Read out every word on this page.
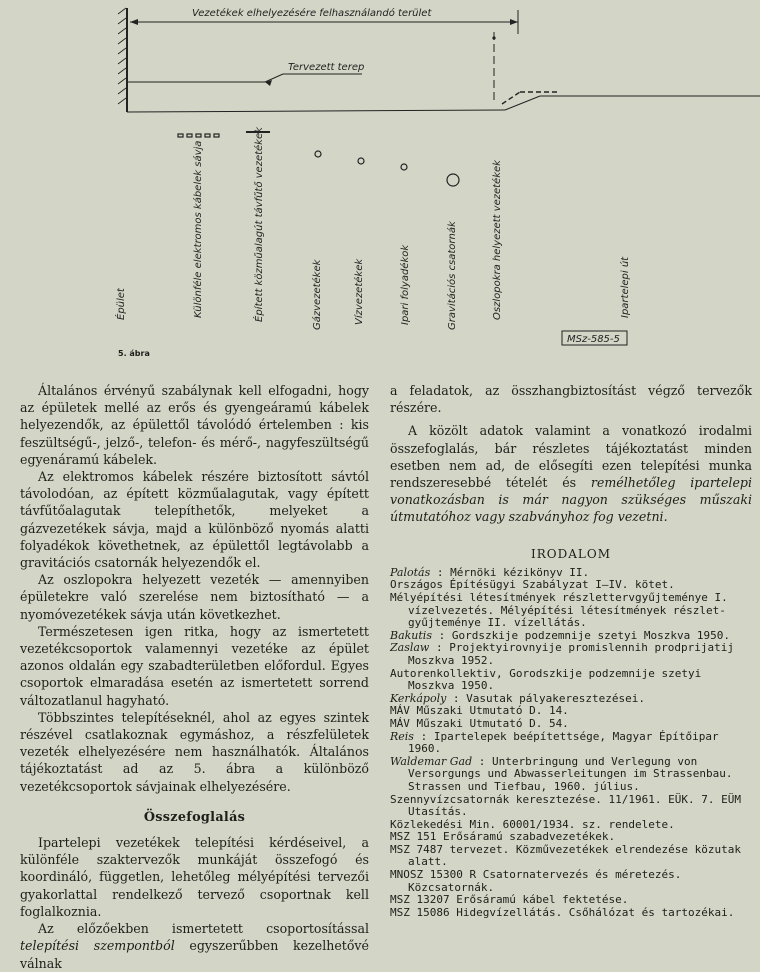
Vezetékek elhelyezésére felhasználandó terület
Tervezett terep
Épület	Különféle elektromos kábelek sávja	Épített közműalagút távfűtő vezetékek	Gázvezetékek	Vízvezetékek	Ipari folyadékok	Gravitációs csatornák	Oszlopokra helyezett vezetékek	Ipartelepi út
MSz-585-5
5. ábra

Általános érvényű szabálynak kell elfogadni, hogy az épületek mellé az erős és gyengeáramú kábelek helyezendők, az épülettől távolódó értelemben : kis feszültségű-, jelző-, telefon- és mérő-, nagyfeszültségű egyenáramú kábelek.

Az elektromos kábelek részére biztosított sávtól távolodóan, az épített közműalagutak, vagy épített távfűtőalagutak telepíthetők, melyeket a gázvezetékek sávja, majd a különböző nyomás alatti folyadékok követhetnek, az épülettől legtávolabb a gravitációs csatornák helyezendők el.

Az oszlopokra helyezett vezeték — amennyiben épületekre való szerelése nem biztosítható — a nyomóvezetékek sávja után következhet.

Természetesen igen ritka, hogy az ismertetett vezetékcsoportok valamennyi vezetéke az épület azonos oldalán egy szabadterületben előfordul. Egyes csoportok elmaradása esetén az ismertetett sorrend változatlanul hagyható.

Többszintes telepítéseknél, ahol az egyes szintek részével csatlakoznak egymáshoz, a részfelületek vezeték elhelyezésére nem használhatók. Általános tájékoztatást ad az 5. ábra a különböző vezetékcsoportok sávjainak elhelyezésére.

Összefoglalás

Ipartelepi vezetékek telepítési kérdéseivel, a különféle szaktervezők munkáját összefogó és koordináló, független, lehetőleg mélyépítési tervezői gyakorlattal rendelkező tervező csoportnak kell foglalkoznia.

Az előzőekben ismertetett csoportosítással telepítési szempontból egyszerűbben kezelhetővé válnak

a feladatok, az összhangbiztosítást végző tervezők részére.

A közölt adatok valamint a vonatkozó irodalmi összefoglalás, bár részletes tájékoztatást minden esetben nem ad, de elősegíti ezen telepítési munka rendszeresebbé tételét és remélhetőleg ipartelepi vonatkozásban is már nagyon szükséges műszaki útmutatóhoz vagy szabványhoz fog vezetni.

IRODALOM
Palotás : Mérnöki kézikönyv II.
Országos Építésügyi Szabályzat I—IV. kötet.
Mélyépítési létesítmények részlettervgyűjteménye I. vízelvezetés. Mélyépítési létesítmények részlet-gyűjteménye II. vízellátás.
Bakutis : Gordszkije podzemnije szetyi Moszkva 1950.
Zaslaw : Projektyirovnyije promislennih prodprijatij Moszkva 1952.
Autorenkollektiv, Gorodszkije podzemnije szetyi Moszkva 1950.
Kerkápoly : Vasutak pályakeresztezései.
MÁV Műszaki Utmutató D. 14.
MÁV Műszaki Utmutató D. 54.
Reis : Ipartelepek beépítettsége, Magyar Építőipar 1960.
Waldemar Gad : Unterbringung und Verlegung von Versorgungs und Abwasserleitungen im Strassenbau. Strassen und Tiefbau, 1960. július.
Szennyvízcsatornák keresztezése. 11/1961. EÜK. 7. EÜM Utasítás.
Közlekedési Min. 60001/1934. sz. rendelete.
MSZ 151 Erősáramú szabadvezetékek.
MSZ 7487 tervezet. Közművezetékek elrendezése közutak alatt.
MNOSZ 15300 R Csatornatervezés és méretezés. Közcsatornák.
MSZ 13207 Erősáramú kábel fektetése.
MSZ 15086 Hidegvízellátás. Csőhálózat és tartozékai.
